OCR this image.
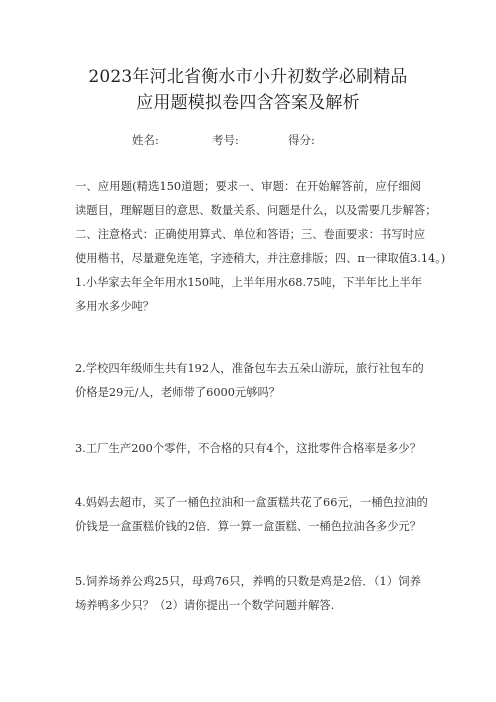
2023年河北省衡水市小升初数学必刷精品
应用题模拟卷四含答案及解析
姓名:	考号:	得分:
一、应用题(精选150道题；要求一、审题：在开始解答前，应仔细阅
读题目，理解题目的意思、数量关系、问题是什么，以及需要几步解答；
二、注意格式：正确使用算式、单位和答语；三、卷面要求：书写时应
使用楷书，尽量避免连笔，字迹稍大，并注意排版；四、π一律取值3.14。)
1.小华家去年全年用水150吨，上半年用水68.75吨，下半年比上半年
多用水多少吨？
2.学校四年级师生共有192人，准备包车去五朵山游玩，旅行社包车的
价格是29元/人，老师带了6000元够吗？
3.工厂生产200个零件，不合格的只有4个，这批零件合格率是多少？
4.妈妈去超市，买了一桶色拉油和一盒蛋糕共花了66元，一桶色拉油的
价钱是一盒蛋糕价钱的2倍．算一算一盒蛋糕、一桶色拉油各多少元？
5.饲养场养公鸡25只，母鸡76只，养鸭的只数是鸡是2倍．（1）饲养
场养鸭多少只？（2）请你提出一个数学问题并解答.
